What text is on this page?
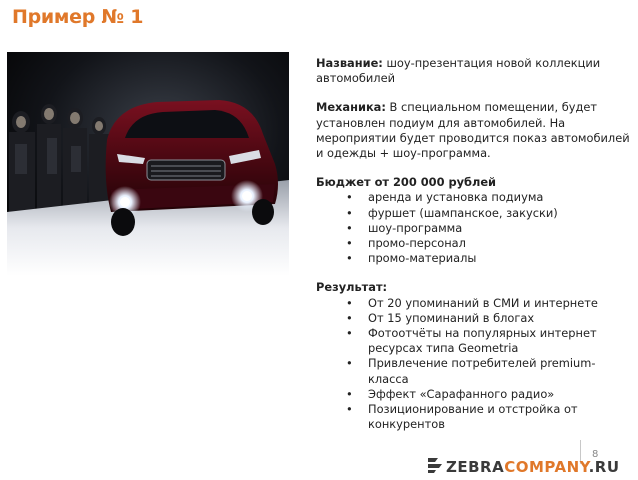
Пример № 1

Название: шоу-презентация новой коллекции автомобилей

Механика: В специальном помещении, будет установлен подиум для автомобилей. На мероприятии будет проводится показ автомобилей и одежды + шоу-программа.

Бюджет от 200 000 рублей

• аренда и установка подиума
• фуршет (шампанское, закуски)
• шоу-программа
• промо-персонал
• промо-материалы

Результат:

• От 20 упоминаний в СМИ и интернете
• От 15 упоминаний в блогах
• Фотоотчёты на популярных интернет ресурсах типа Geometria
• Привлечение потребителей premium-класса
• Эффект «Сарафанного радио»
• Позиционирование и отстройка от конкурентов
8
ZEBRACOMPANY.RU
